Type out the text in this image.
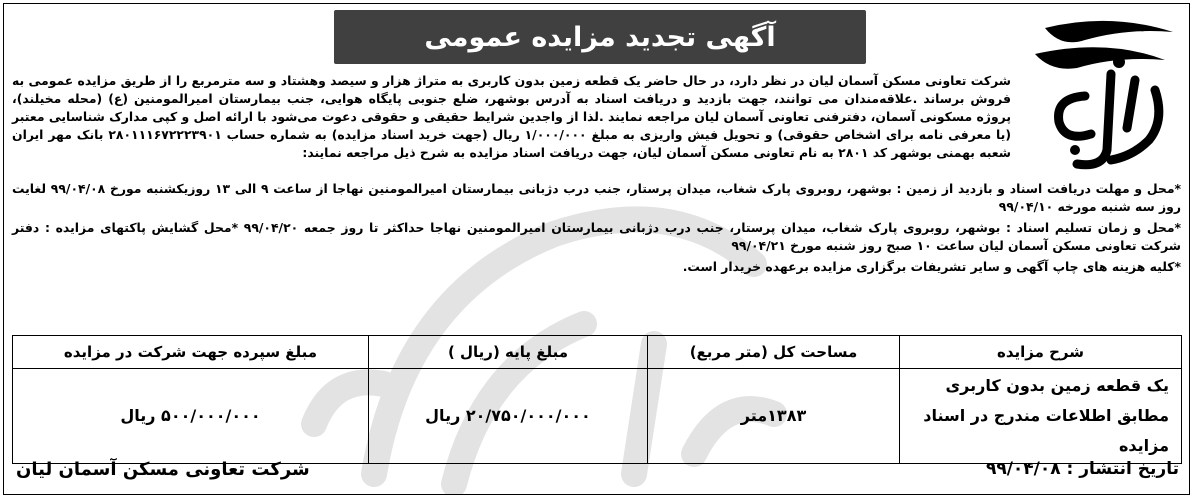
آگهی تجدید مزایده عمومی

شرکت تعاونی مسکن آسمان لیان در نظر دارد، در حال حاضر یک قطعه زمین بدون کاربری به متراژ هزار و سیصد وهشتاد و سه مترمربع را از طریق مزایده عمومی به فروش برساند .علاقه‌مندان می توانند، جهت بازدید و دریافت اسناد به آدرس بوشهر، ضلع جنوبی پایگاه هوایی، جنب بیمارستان امیرالمومنین (ع) (محله مخیلند)، پروژه مسکونی آسمان، دفترفنی تعاونی آسمان لیان مراجعه نمایند .لذا از واجدین شرایط حقیقی و حقوقی دعوت می‌شود با ارائه اصل و کپی مدارک شناسایی معتبر (یا معرفی نامه برای اشخاص حقوقی) و تحویل فیش واریزی به مبلغ ۱/۰۰۰/۰۰۰ ریال (جهت خرید اسناد مزایده) به شماره حساب ۲۸۰۱۱۱۶۷۲۲۲۳۹۰۱ بانک مهر ایران شعبه بهمنی بوشهر کد ۲۸۰۱ به نام تعاونی مسکن آسمان لیان، جهت دریافت اسناد مزایده به شرح ذیل مراجعه نمایند:

*محل و مهلت دریافت اسناد و بازدید از زمین : بوشهر، روبروی پارک شغاب، میدان پرستار، جنب درب دژبانی بیمارستان امیرالمومنین نهاجا از ساعت ۹ الی ۱۳ روزیکشنبه مورخ ۹۹/۰۴/۰۸ لغایت روز سه شنبه مورخه ۹۹/۰۴/۱۰

*محل و زمان تسلیم اسناد : بوشهر، روبروی پارک شغاب، میدان پرستار، جنب درب دژبانی بیمارستان امیرالمومنین نهاجا حداکثر تا روز جمعه ۹۹/۰۴/۲۰ *محل گشایش پاکتهای مزایده : دفتر شرکت تعاونی مسکن آسمان لیان ساعت ۱۰ صبح روز شنبه مورخ ۹۹/۰۴/۲۱

*کلیه هزینه های چاپ آگهی و سایر تشریفات برگزاری مزایده برعهده خریدار است.

شرح مزایده	مساحت کل (متر مربع)	مبلغ پایه (ریال )	مبلغ سپرده جهت شرکت در مزایده
یک قطعه زمین بدون کاربری مطابق اطلاعات مندرج در اسناد مزایده	۱۳۸۳متر	۲۰/۷۵۰/۰۰۰/۰۰۰ ریال	۵۰۰/۰۰۰/۰۰۰ ریال
تاریخ انتشار : ۹۹/۰۴/۰۸
شرکت تعاونی مسکن آسمان لیان
